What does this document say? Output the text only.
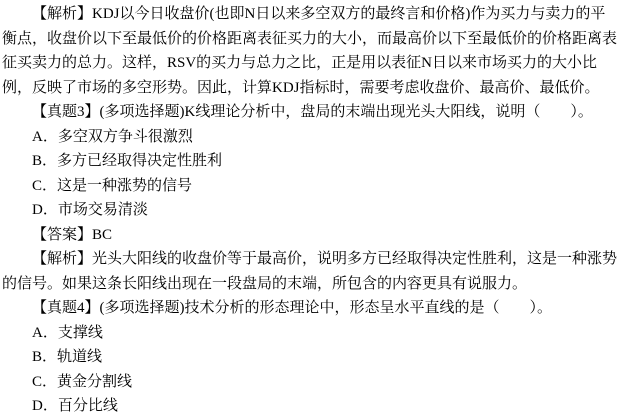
【解析】KDJ以今日收盘价(也即N日以来多空双方的最终言和价格)作为买力与卖力的平衡点，收盘价以下至最低价的价格距离表征买力的大小，而最高价以下至最低价的价格距离表征买卖力的总力。这样，RSV的买力与总力之比，正是用以表征N日以来市场买力的大小比例，反映了市场的多空形势。因此，计算KDJ指标时，需要考虑收盘价、最高价、最低价。

【真题3】(多项选择题)K线理论分析中，盘局的末端出现光头大阳线，说明（　　）。

A．多空双方争斗很激烈

B．多方已经取得决定性胜利

C．这是一种涨势的信号

D．市场交易清淡

【答案】BC

【解析】光头大阳线的收盘价等于最高价，说明多方已经取得决定性胜利，这是一种涨势的信号。如果这条长阳线出现在一段盘局的末端，所包含的内容更具有说服力。

【真题4】(多项选择题)技术分析的形态理论中，形态呈水平直线的是（　　）。

A．支撑线

B．轨道线

C．黄金分割线

D．百分比线
